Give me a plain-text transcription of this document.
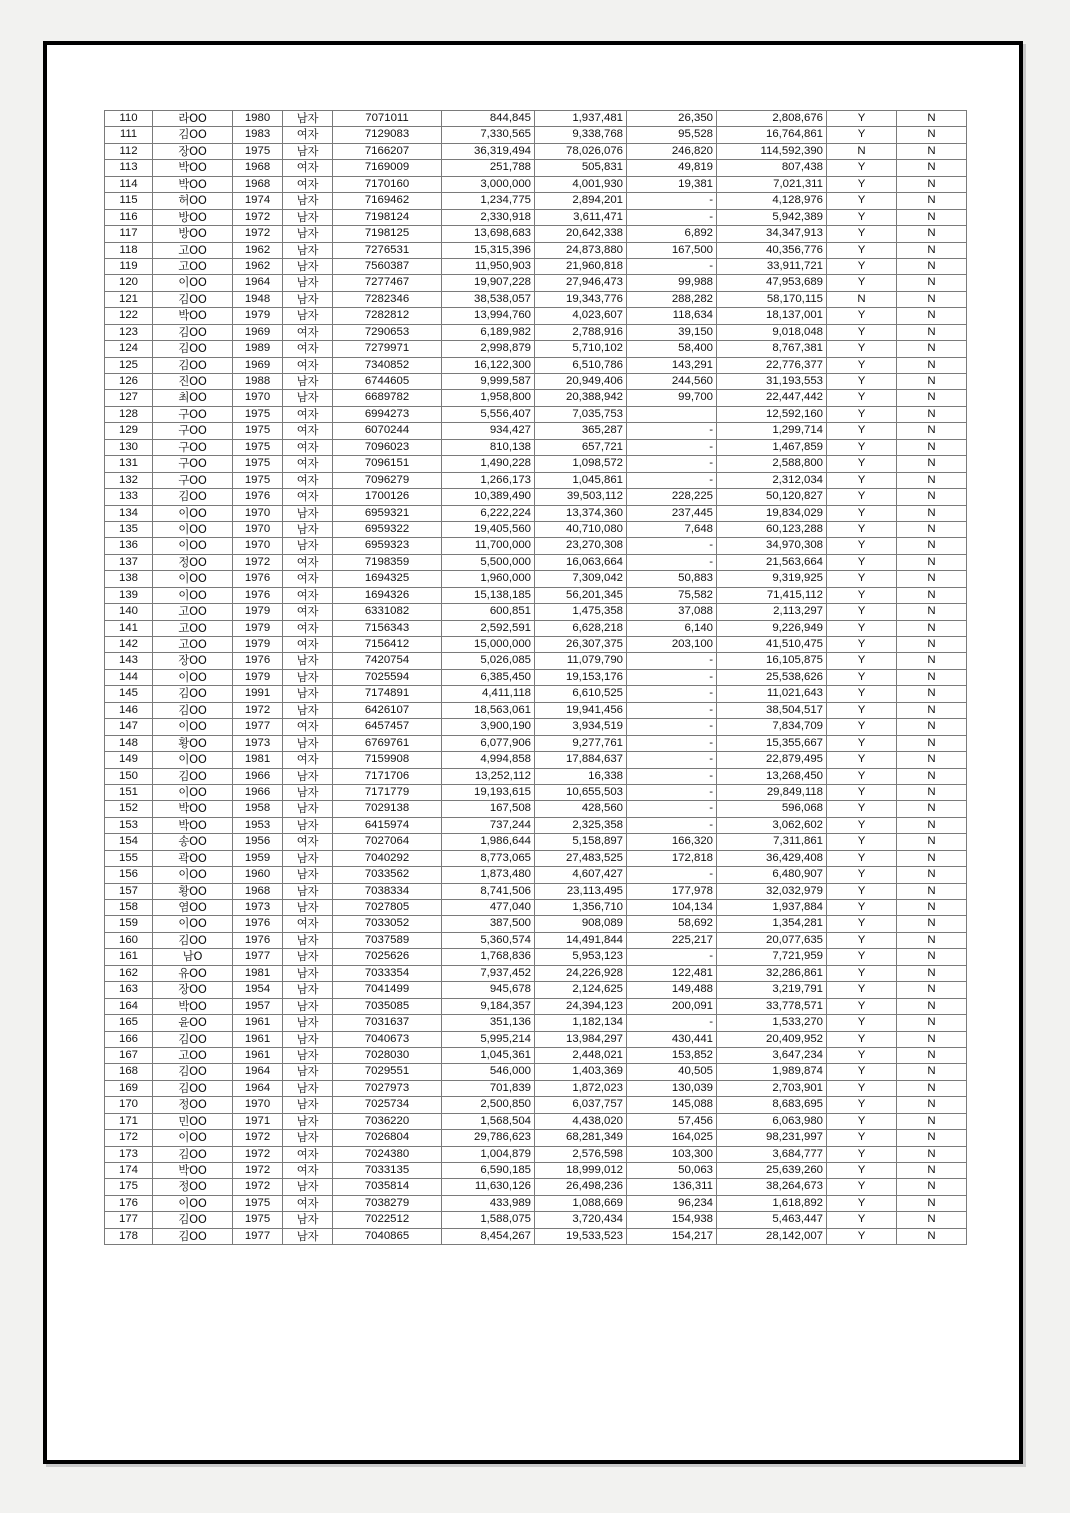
110	라OO	1980	남자	7071011	844,845	1,937,481	26,350	2,808,676	Y	N
111	김OO	1983	여자	7129083	7,330,565	9,338,768	95,528	16,764,861	Y	N
112	장OO	1975	남자	7166207	36,319,494	78,026,076	246,820	114,592,390	N	N
113	박OO	1968	여자	7169009	251,788	505,831	49,819	807,438	Y	N
114	박OO	1968	여자	7170160	3,000,000	4,001,930	19,381	7,021,311	Y	N
115	허OO	1974	남자	7169462	1,234,775	2,894,201	-	4,128,976	Y	N
116	방OO	1972	남자	7198124	2,330,918	3,611,471	-	5,942,389	Y	N
117	방OO	1972	남자	7198125	13,698,683	20,642,338	6,892	34,347,913	Y	N
118	고OO	1962	남자	7276531	15,315,396	24,873,880	167,500	40,356,776	Y	N
119	고OO	1962	남자	7560387	11,950,903	21,960,818	-	33,911,721	Y	N
120	이OO	1964	남자	7277467	19,907,228	27,946,473	99,988	47,953,689	Y	N
121	김OO	1948	남자	7282346	38,538,057	19,343,776	288,282	58,170,115	N	N
122	박OO	1979	남자	7282812	13,994,760	4,023,607	118,634	18,137,001	Y	N
123	김OO	1969	여자	7290653	6,189,982	2,788,916	39,150	9,018,048	Y	N
124	김OO	1989	여자	7279971	2,998,879	5,710,102	58,400	8,767,381	Y	N
125	김OO	1969	여자	7340852	16,122,300	6,510,786	143,291	22,776,377	Y	N
126	진OO	1988	남자	6744605	9,999,587	20,949,406	244,560	31,193,553	Y	N
127	최OO	1970	남자	6689782	1,958,800	20,388,942	99,700	22,447,442	Y	N
128	구OO	1975	여자	6994273	5,556,407	7,035,753		12,592,160	Y	N
129	구OO	1975	여자	6070244	934,427	365,287	-	1,299,714	Y	N
130	구OO	1975	여자	7096023	810,138	657,721	-	1,467,859	Y	N
131	구OO	1975	여자	7096151	1,490,228	1,098,572	-	2,588,800	Y	N
132	구OO	1975	여자	7096279	1,266,173	1,045,861	-	2,312,034	Y	N
133	김OO	1976	여자	1700126	10,389,490	39,503,112	228,225	50,120,827	Y	N
134	이OO	1970	남자	6959321	6,222,224	13,374,360	237,445	19,834,029	Y	N
135	이OO	1970	남자	6959322	19,405,560	40,710,080	7,648	60,123,288	Y	N
136	이OO	1970	남자	6959323	11,700,000	23,270,308	-	34,970,308	Y	N
137	정OO	1972	여자	7198359	5,500,000	16,063,664	-	21,563,664	Y	N
138	이OO	1976	여자	1694325	1,960,000	7,309,042	50,883	9,319,925	Y	N
139	이OO	1976	여자	1694326	15,138,185	56,201,345	75,582	71,415,112	Y	N
140	고OO	1979	여자	6331082	600,851	1,475,358	37,088	2,113,297	Y	N
141	고OO	1979	여자	7156343	2,592,591	6,628,218	6,140	9,226,949	Y	N
142	고OO	1979	여자	7156412	15,000,000	26,307,375	203,100	41,510,475	Y	N
143	장OO	1976	남자	7420754	5,026,085	11,079,790	-	16,105,875	Y	N
144	이OO	1979	남자	7025594	6,385,450	19,153,176	-	25,538,626	Y	N
145	김OO	1991	남자	7174891	4,411,118	6,610,525	-	11,021,643	Y	N
146	김OO	1972	남자	6426107	18,563,061	19,941,456	-	38,504,517	Y	N
147	이OO	1977	여자	6457457	3,900,190	3,934,519	-	7,834,709	Y	N
148	황OO	1973	남자	6769761	6,077,906	9,277,761	-	15,355,667	Y	N
149	이OO	1981	여자	7159908	4,994,858	17,884,637	-	22,879,495	Y	N
150	김OO	1966	남자	7171706	13,252,112	16,338	-	13,268,450	Y	N
151	이OO	1966	남자	7171779	19,193,615	10,655,503	-	29,849,118	Y	N
152	박OO	1958	남자	7029138	167,508	428,560	-	596,068	Y	N
153	박OO	1953	남자	6415974	737,244	2,325,358	-	3,062,602	Y	N
154	송OO	1956	여자	7027064	1,986,644	5,158,897	166,320	7,311,861	Y	N
155	곽OO	1959	남자	7040292	8,773,065	27,483,525	172,818	36,429,408	Y	N
156	이OO	1960	남자	7033562	1,873,480	4,607,427	-	6,480,907	Y	N
157	황OO	1968	남자	7038334	8,741,506	23,113,495	177,978	32,032,979	Y	N
158	염OO	1973	남자	7027805	477,040	1,356,710	104,134	1,937,884	Y	N
159	이OO	1976	여자	7033052	387,500	908,089	58,692	1,354,281	Y	N
160	김OO	1976	남자	7037589	5,360,574	14,491,844	225,217	20,077,635	Y	N
161	남O	1977	남자	7025626	1,768,836	5,953,123	-	7,721,959	Y	N
162	유OO	1981	남자	7033354	7,937,452	24,226,928	122,481	32,286,861	Y	N
163	장OO	1954	남자	7041499	945,678	2,124,625	149,488	3,219,791	Y	N
164	박OO	1957	남자	7035085	9,184,357	24,394,123	200,091	33,778,571	Y	N
165	윤OO	1961	남자	7031637	351,136	1,182,134	-	1,533,270	Y	N
166	김OO	1961	남자	7040673	5,995,214	13,984,297	430,441	20,409,952	Y	N
167	고OO	1961	남자	7028030	1,045,361	2,448,021	153,852	3,647,234	Y	N
168	김OO	1964	남자	7029551	546,000	1,403,369	40,505	1,989,874	Y	N
169	김OO	1964	남자	7027973	701,839	1,872,023	130,039	2,703,901	Y	N
170	정OO	1970	남자	7025734	2,500,850	6,037,757	145,088	8,683,695	Y	N
171	민OO	1971	남자	7036220	1,568,504	4,438,020	57,456	6,063,980	Y	N
172	이OO	1972	남자	7026804	29,786,623	68,281,349	164,025	98,231,997	Y	N
173	김OO	1972	여자	7024380	1,004,879	2,576,598	103,300	3,684,777	Y	N
174	박OO	1972	여자	7033135	6,590,185	18,999,012	50,063	25,639,260	Y	N
175	정OO	1972	남자	7035814	11,630,126	26,498,236	136,311	38,264,673	Y	N
176	이OO	1975	여자	7038279	433,989	1,088,669	96,234	1,618,892	Y	N
177	김OO	1975	남자	7022512	1,588,075	3,720,434	154,938	5,463,447	Y	N
178	김OO	1977	남자	7040865	8,454,267	19,533,523	154,217	28,142,007	Y	N
